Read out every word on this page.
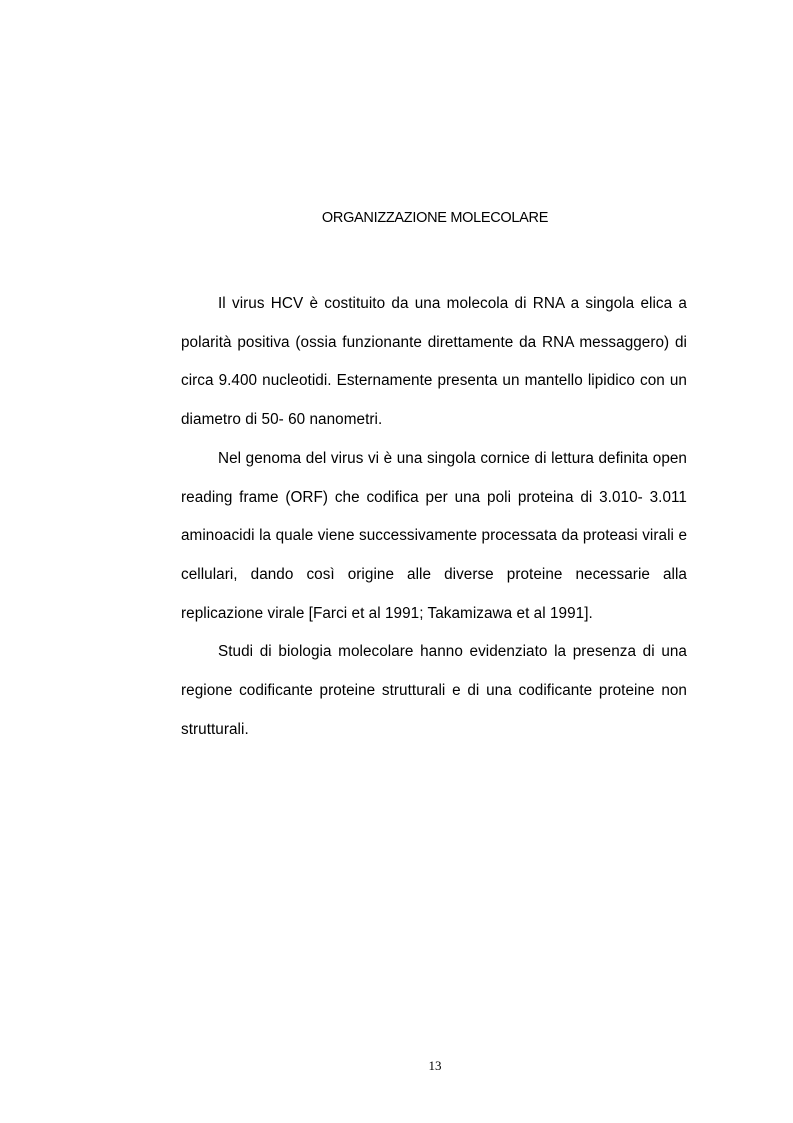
ORGANIZZAZIONE MOLECOLARE

Il virus HCV è costituito da una molecola di RNA a singola elica a polarità positiva (ossia funzionante direttamente da RNA messaggero) di circa 9.400 nucleotidi. Esternamente presenta un mantello lipidico con un diametro di 50- 60 nanometri.

Nel genoma del virus vi è una singola cornice di lettura definita open reading frame (ORF) che codifica per una poli proteina di 3.010- 3.011 aminoacidi la quale viene successivamente processata da proteasi virali e cellulari, dando così origine alle diverse proteine necessarie alla replicazione virale [Farci et al 1991; Takamizawa et al 1991].

Studi di biologia molecolare hanno evidenziato la presenza di una regione codificante proteine strutturali e di una codificante proteine non strutturali.

13
